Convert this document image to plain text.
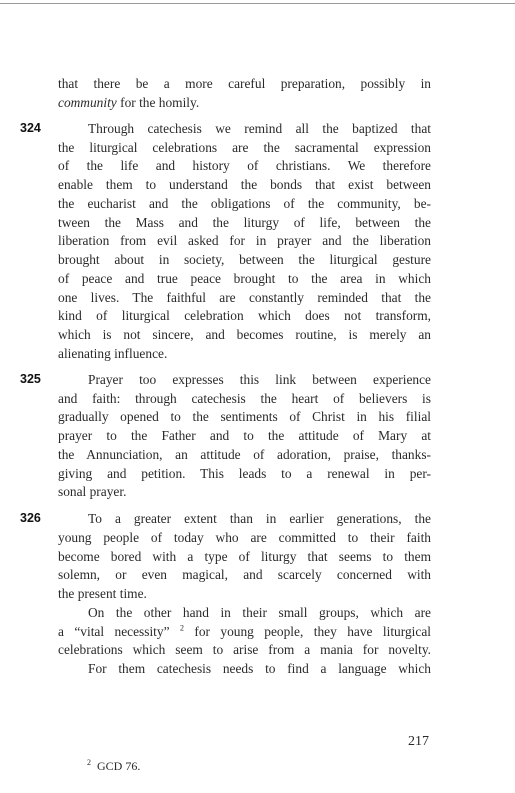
that there be a more careful preparation, possibly in
community for the homily.
324	Through catechesis we remind all the baptized that
the liturgical celebrations are the sacramental expression
of the life and history of christians. We therefore
enable them to understand the bonds that exist between
the eucharist and the obligations of the community, be-
tween the Mass and the liturgy of life, between the
liberation from evil asked for in prayer and the liberation
brought about in society, between the liturgical gesture
of peace and true peace brought to the area in which
one lives. The faithful are constantly reminded that the
kind of liturgical celebration which does not transform,
which is not sincere, and becomes routine, is merely an
alienating influence.
325	Prayer too expresses this link between experience
and faith: through catechesis the heart of believers is
gradually opened to the sentiments of Christ in his filial
prayer to the Father and to the attitude of Mary at
the Annunciation, an attitude of adoration, praise, thanks-
giving and petition. This leads to a renewal in per-
sonal prayer.
326	To a greater extent than in earlier generations, the
young people of today who are committed to their faith
become bored with a type of liturgy that seems to them
solemn, or even magical, and scarcely concerned with
the present time.
On the other hand in their small groups, which are
a “vital necessity” $^2$ for young people, they have liturgical
celebrations which seem to arise from a mania for novelty.
For them catechesis needs to find a language which
$^2$ GCD 76.
217
